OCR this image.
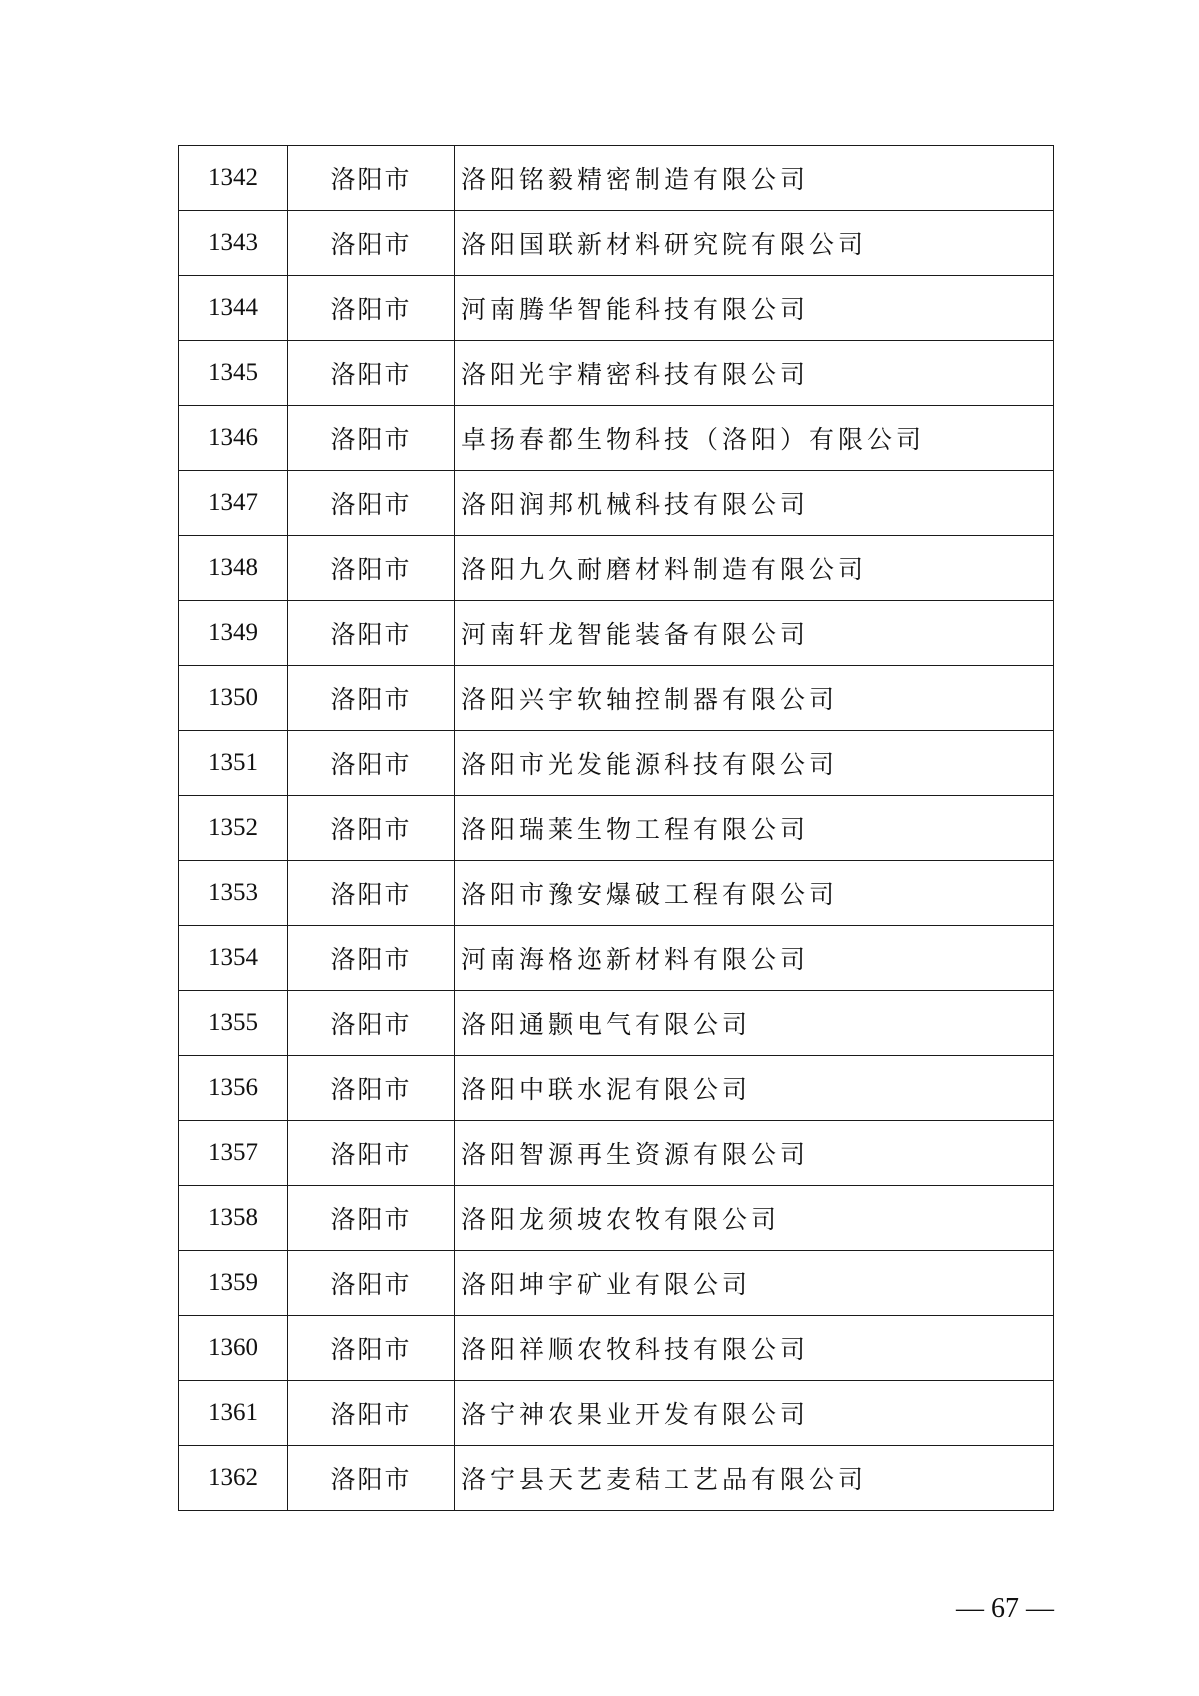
1342	洛阳市	洛阳铭毅精密制造有限公司
1343	洛阳市	洛阳国联新材料研究院有限公司
1344	洛阳市	河南腾华智能科技有限公司
1345	洛阳市	洛阳光宇精密科技有限公司
1346	洛阳市	卓扬春都生物科技（洛阳）有限公司
1347	洛阳市	洛阳润邦机械科技有限公司
1348	洛阳市	洛阳九久耐磨材料制造有限公司
1349	洛阳市	河南轩龙智能装备有限公司
1350	洛阳市	洛阳兴宇软轴控制器有限公司
1351	洛阳市	洛阳市光发能源科技有限公司
1352	洛阳市	洛阳瑞莱生物工程有限公司
1353	洛阳市	洛阳市豫安爆破工程有限公司
1354	洛阳市	河南海格迩新材料有限公司
1355	洛阳市	洛阳通颢电气有限公司
1356	洛阳市	洛阳中联水泥有限公司
1357	洛阳市	洛阳智源再生资源有限公司
1358	洛阳市	洛阳龙须坡农牧有限公司
1359	洛阳市	洛阳坤宇矿业有限公司
1360	洛阳市	洛阳祥顺农牧科技有限公司
1361	洛阳市	洛宁神农果业开发有限公司
1362	洛阳市	洛宁县天艺麦秸工艺品有限公司
— 67 —
